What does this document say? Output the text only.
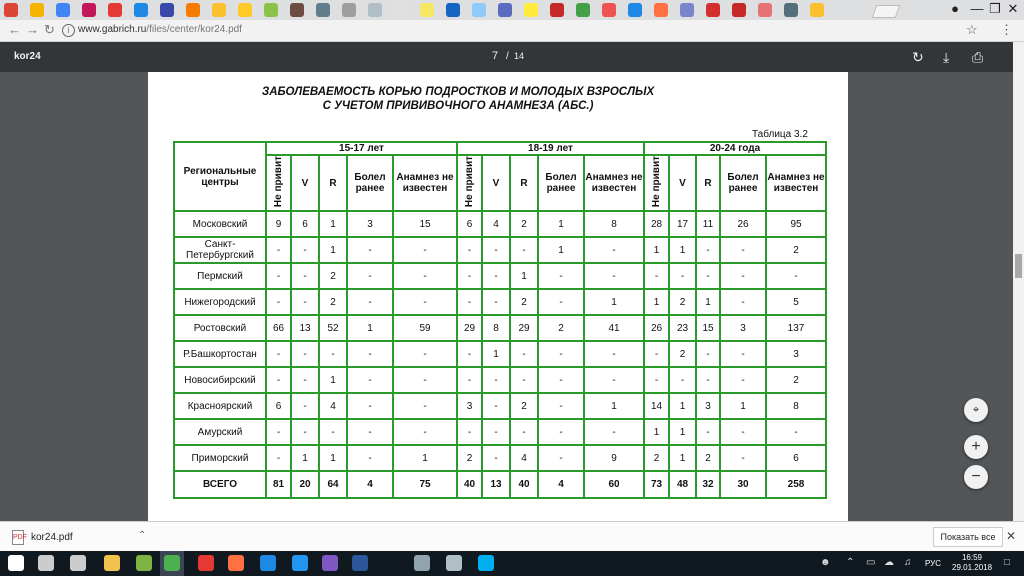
● — ❐ ✕
← → ↻	i www.gabrich.ru/files/center/kor24.pdf	☆ ⋮
kor24	7 / 14	↻ ⤓ ⎙
ЗАБОЛЕВАЕМОСТЬ КОРЬЮ ПОДРОСТКОВ И МОЛОДЫХ ВЗРОСЛЫХ
С УЧЕТОМ ПРИВИВОЧНОГО АНАМНЕЗА (АБС.)
Таблица 3.2
Региональные центры	15-17 лет					18-19 лет					20-24 года				
	Не привит	V	R	Болел ранее	Анамнез не известен	Не привит	V	R	Болел ранее	Анамнез не известен	Не привит	V	R	Болел ранее	Анамнез не известен
Московский	9	6	1	3	15	6	4	2	1	8	28	17	11	26	95
Санкт-Петербургский	-	-	1	-	-	-	-	-	1	-	1	1	-	-	2
Пермский	-	-	2	-	-	-	-	1	-	-	-	-	-	-	-
Нижегородский	-	-	2	-	-	-	-	2	-	1	1	2	1	-	5
Ростовский	66	13	52	1	59	29	8	29	2	41	26	23	15	3	137
Р.Башкортостан	-	-	-	-	-	-	1	-	-	-	-	2	-	-	3
Новосибирский	-	-	1	-	-	-	-	-	-	-	-	-	-	-	2
Красноярский	6	-	4	-	-	3	-	2	-	1	14	1	3	1	8
Амурский	-	-	-	-	-	-	-	-	-	-	1	1	-	-	-
Приморский	-	1	1	-	1	2	-	4	-	9	2	1	2	-	6
ВСЕГО	81	20	64	4	75	40	13	40	4	60	73	48	32	30	258
⌖
+
−
PDF kor24.pdf	⌃	Показать все ✕
☻ ⌃ ▭ ☁ ♫ РУС
16:59
29.01.2018 □
